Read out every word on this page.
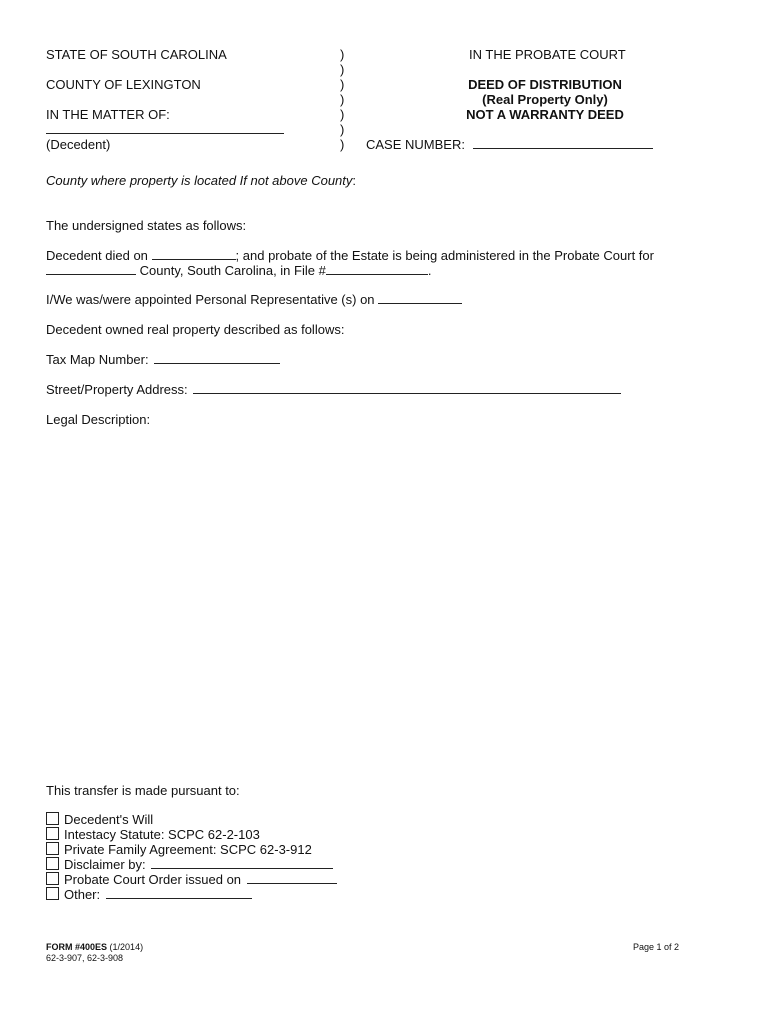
STATE OF SOUTH CAROLINA
COUNTY OF LEXINGTON
IN THE MATTER OF:
(Decedent)
)
)
)
)
)
)
)
IN THE PROBATE COURT
DEED OF DISTRIBUTION
(Real Property Only)
NOT A WARRANTY DEED
CASE NUMBER:
County where property is located If not above County:
The undersigned states as follows:
Decedent died on	; and probate of the Estate is being administered in the Probate Court for
County, South Carolina, in File #	.
I/We was/were appointed Personal Representative (s) on
Decedent owned real property described as follows:
Tax Map Number:
Street/Property Address:
Legal Description:
This transfer is made pursuant to:
Decedent's Will
Intestacy Statute: SCPC 62-2-103
Private Family Agreement: SCPC 62-3-912
Disclaimer by:
Probate Court Order issued on
Other:
FORM #400ES (1/2014)
62-3-907, 62-3-908
Page 1 of 2
